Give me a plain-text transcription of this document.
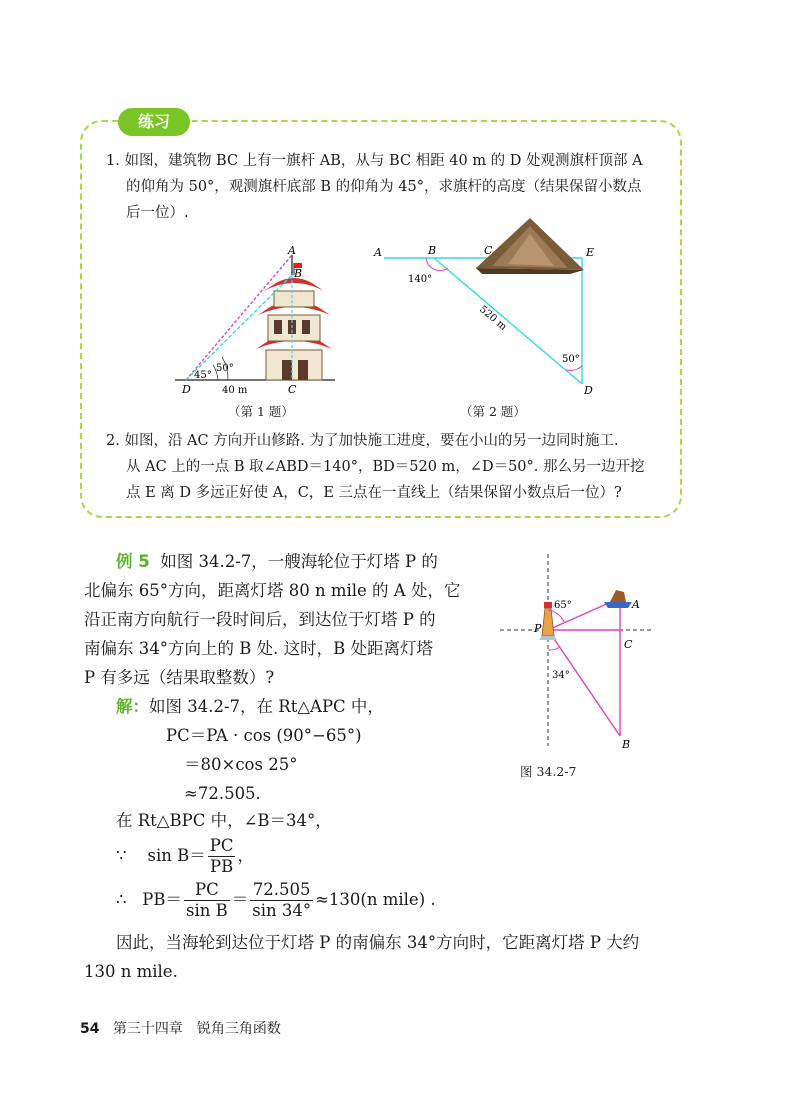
练习
1. 如图，建筑物 BC 上有一旗杆 AB，从与 BC 相距 40 m 的 D 处观测旗杆顶部 A
的仰角为 50°，观测旗杆底部 B 的仰角为 45°，求旗杆的高度（结果保留小数点
后一位）.
A
B
C
D
50°
45°
40 m
（第 1 题）
A	B	C	E
D
140°
50°
520 m
（第 2 题）
2. 如图，沿 AC 方向开山修路. 为了加快施工进度，要在小山的另一边同时施工.
从 AC 上的一点 B 取∠ABD＝140°，BD＝520 m，∠D＝50°. 那么另一边开挖
点 E 离 D 多远正好使 A，C，E 三点在一直线上（结果保留小数点后一位）?
例 5 如图 34.2-7，一艘海轮位于灯塔 P 的
北偏东 65°方向，距离灯塔 80 n mile 的 A 处，它
沿正南方向航行一段时间后，到达位于灯塔 P 的
南偏东 34°方向上的 B 处. 这时，B 处距离灯塔
P 有多远（结果取整数）?
解：如图 34.2-7，在 Rt△APC 中，
PC＝PA · cos (90°−65°)
＝80×cos 25°
≈72.505.
在 Rt△BPC 中，∠B＝34°，
∵ $\sin B= \frac{PC}{PB}$ ，
∴ $PB= \frac{PC}{\text{sin B}} = \frac{72.505}{\sin 34^\circ} \approx 130(n$ mile) .
因此，当海轮到达位于灯塔 P 的南偏东 34°方向时，它距离灯塔 P 大约
130 n mile.
P
A
C
B
65°
34°
图 34.2-7
54 第三十四章　锐角三角函数
